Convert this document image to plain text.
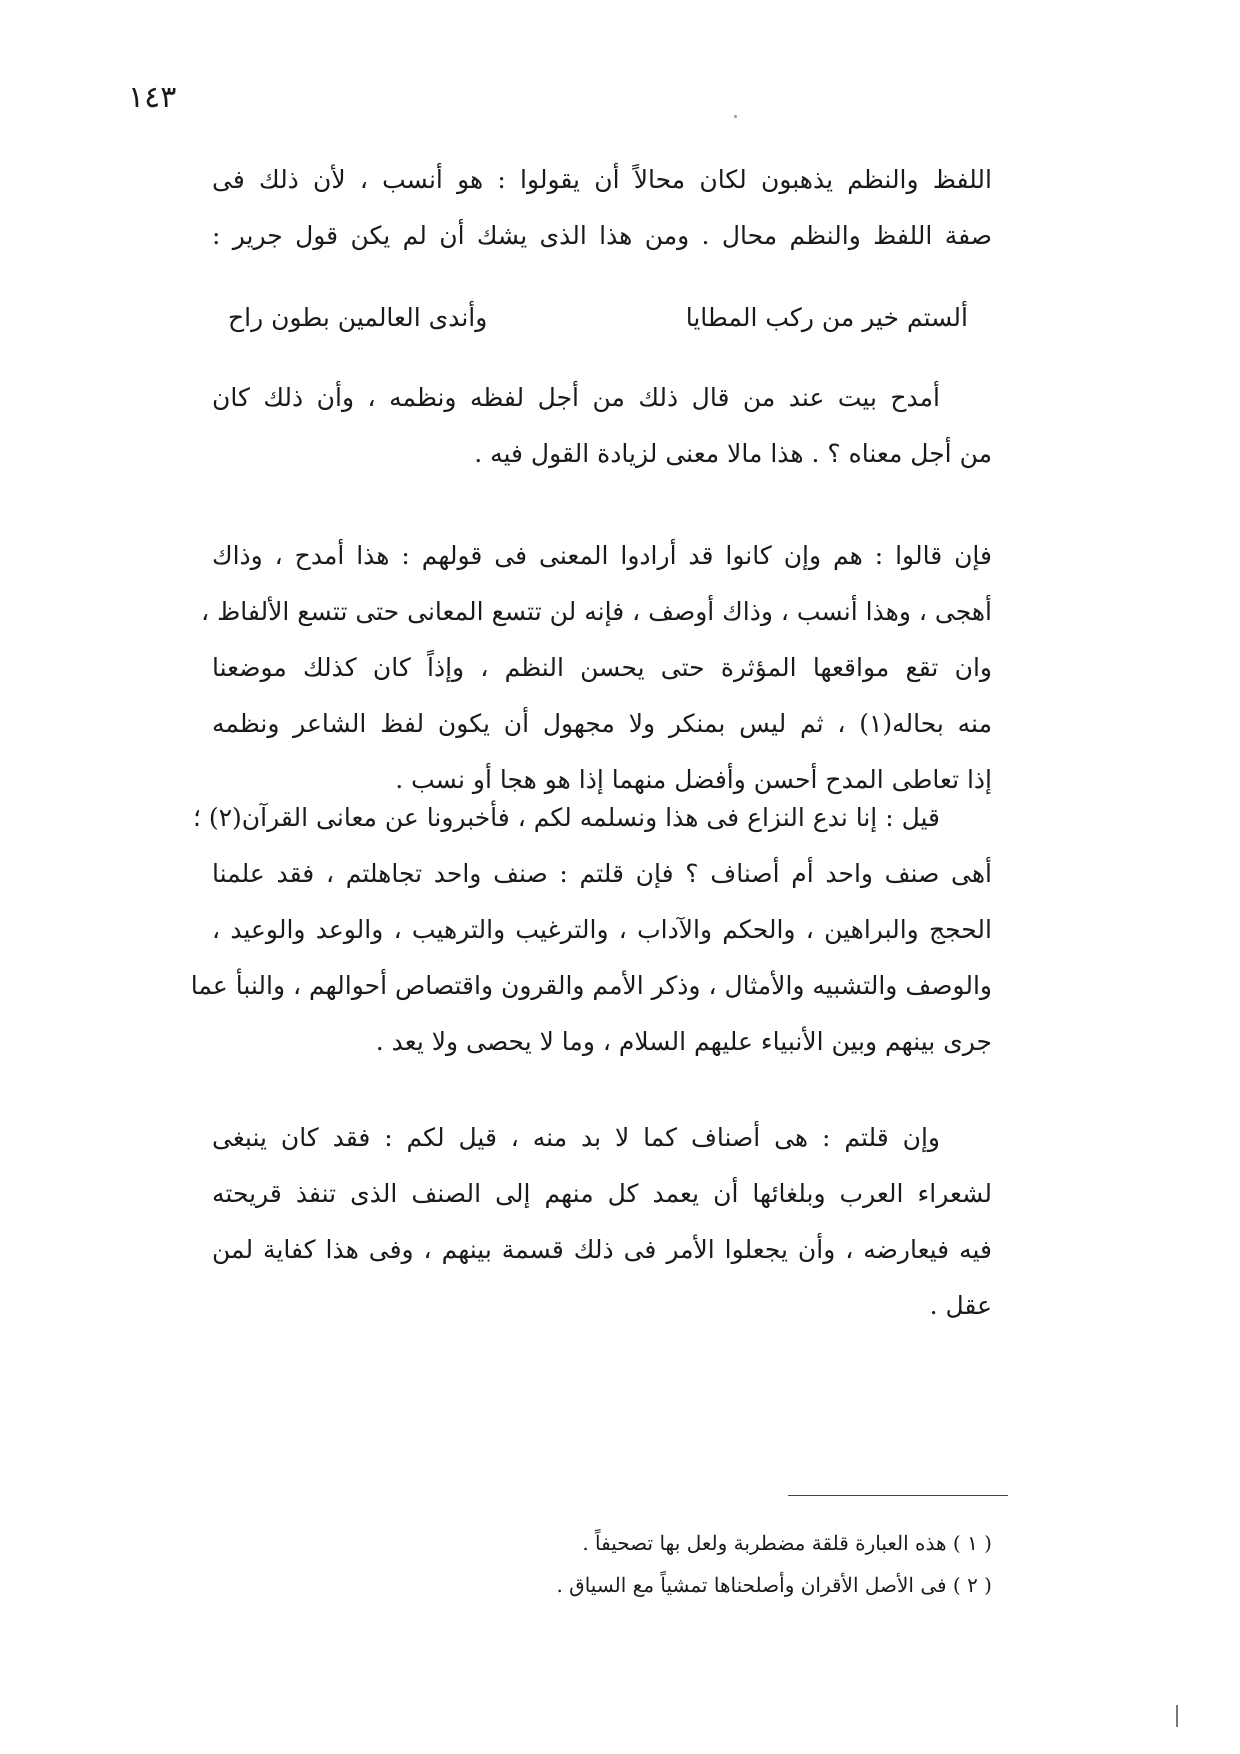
١٤٣
اللفظ والنظم يذهبون لكان محالاً أن يقولوا : هو أنسب ، لأن ذلك فى
صفة اللفظ والنظم محال . ومن هذا الذى يشك أن لم يكن قول جرير :
ألستم خير من ركب المطايا
وأندى العالمين بطون راح
أمدح بيت عند من قال ذلك من أجل لفظه ونظمه ، وأن ذلك كان
من أجل معناه ؟ . هذا مالا معنى لزيادة القول فيه .
فإن قالوا : هم وإن كانوا قد أرادوا المعنى فى قولهم : هذا أمدح ، وذاك
أهجى ، وهذا أنسب ، وذاك أوصف ، فإنه لن تتسع المعانى حتى تتسع الألفاظ ،
وان تقع مواقعها المؤثرة حتى يحسن النظم ، وإذاً كان كذلك موضعنا
منه بحاله(١) ، ثم ليس بمنكر ولا مجهول أن يكون لفظ الشاعر ونظمه
إذا تعاطى المدح أحسن وأفضل منهما إذا هو هجا أو نسب .
قيل : إنا ندع النزاع فى هذا ونسلمه لكم ، فأخبرونا عن معانى القرآن(٢) ؛
أهى صنف واحد أم أصناف ؟ فإن قلتم : صنف واحد تجاهلتم ، فقد علمنا
الحجج والبراهين ، والحكم والآداب ، والترغيب والترهيب ، والوعد والوعيد ،
والوصف والتشبيه والأمثال ، وذكر الأمم والقرون واقتصاص أحوالهم ، والنبأ عما
جرى بينهم وبين الأنبياء عليهم السلام ، وما لا يحصى ولا يعد .
وإن قلتم : هى أصناف كما لا بد منه ، قيل لكم : فقد كان ينبغى
لشعراء العرب وبلغائها أن يعمد كل منهم إلى الصنف الذى تنفذ قريحته
فيه فيعارضه ، وأن يجعلوا الأمر فى ذلك قسمة بينهم ، وفى هذا كفاية لمن
عقل .
( ١ ) هذه العبارة قلقة مضطربة ولعل بها تصحيفاً .
( ٢ ) فى الأصل الأقران وأصلحناها تمشياً مع السياق .
